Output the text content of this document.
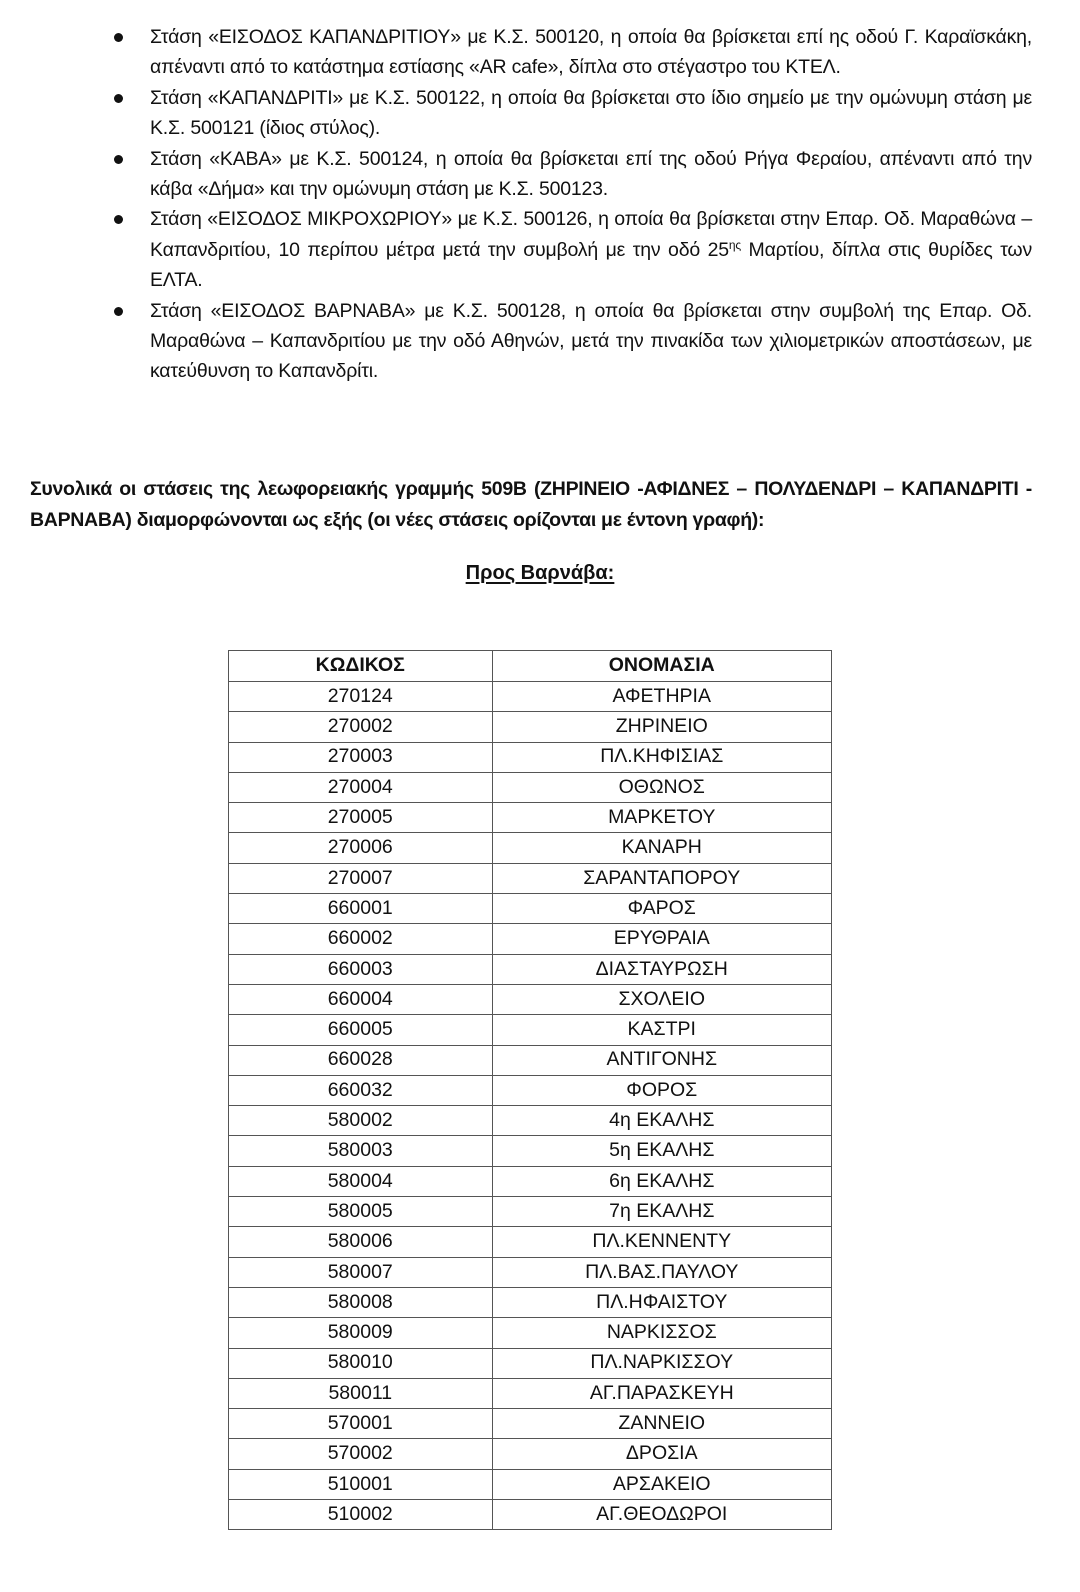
Στάση «ΕΙΣΟΔΟΣ ΚΑΠΑΝΔΡΙΤΙΟΥ» με Κ.Σ. 500120, η οποία θα βρίσκεται επί ης οδού Γ. Καραϊσκάκη, απέναντι από το κατάστημα εστίασης «AR cafe», δίπλα στο στέγαστρο του ΚΤΕΛ.
Στάση «ΚΑΠΑΝΔΡΙΤΙ» με Κ.Σ. 500122, η οποία θα βρίσκεται στο ίδιο σημείο με την ομώνυμη στάση με Κ.Σ. 500121 (ίδιος στύλος).
Στάση «ΚΑΒΑ» με Κ.Σ. 500124, η οποία θα βρίσκεται επί της οδού Ρήγα Φεραίου, απέναντι από την κάβα «Δήμα» και την ομώνυμη στάση με Κ.Σ. 500123.
Στάση «ΕΙΣΟΔΟΣ ΜΙΚΡΟΧΩΡΙΟΥ» με Κ.Σ. 500126, η οποία θα βρίσκεται στην Επαρ. Οδ. Μαραθώνα – Καπανδριτίου, 10 περίπου μέτρα μετά την συμβολή με την οδό $25^{\eta\varsigma}$ Μαρτίου, δίπλα στις θυρίδες των ΕΛΤΑ.
Στάση «ΕΙΣΟΔΟΣ ΒΑΡΝΑΒΑ» με Κ.Σ. 500128, η οποία θα βρίσκεται στην συμβολή της Επαρ. Οδ. Μαραθώνα – Καπανδριτίου με την οδό Αθηνών, μετά την πινακίδα των χιλιομετρικών αποστάσεων, με κατεύθυνση το Καπανδρίτι.
Συνολικά οι στάσεις της λεωφορειακής γραμμής 509Β (ΖΗΡΙΝΕΙΟ -ΑΦΙΔΝΕΣ – ΠΟΛΥΔΕΝΔΡΙ – ΚΑΠΑΝΔΡΙΤΙ - ΒΑΡΝΑΒΑ) διαμορφώνονται ως εξής (οι νέες στάσεις ορίζονται με έντονη γραφή):
Προς Βαρνάβα:
ΚΩΔΙΚΟΣ	ΟΝΟΜΑΣΙΑ
270124	ΑΦΕΤΗΡΙΑ
270002	ΖΗΡΙΝΕΙΟ
270003	ΠΛ.ΚΗΦΙΣΙΑΣ
270004	ΟΘΩΝΟΣ
270005	ΜΑΡΚΕΤΟΥ
270006	ΚΑΝΑΡΗ
270007	ΣΑΡΑΝΤΑΠΟΡΟΥ
660001	ΦΑΡΟΣ
660002	ΕΡΥΘΡΑΙΑ
660003	ΔΙΑΣΤΑΥΡΩΣΗ
660004	ΣΧΟΛΕΙΟ
660005	ΚΑΣΤΡΙ
660028	ΑΝΤΙΓΟΝΗΣ
660032	ΦΟΡΟΣ
580002	4η ΕΚΑΛΗΣ
580003	5η ΕΚΑΛΗΣ
580004	6η ΕΚΑΛΗΣ
580005	7η ΕΚΑΛΗΣ
580006	ΠΛ.ΚΕΝΝΕΝΤΥ
580007	ΠΛ.ΒΑΣ.ΠΑΥΛΟΥ
580008	ΠΛ.ΗΦΑΙΣΤΟΥ
580009	ΝΑΡΚΙΣΣΟΣ
580010	ΠΛ.ΝΑΡΚΙΣΣΟΥ
580011	ΑΓ.ΠΑΡΑΣΚΕΥΗ
570001	ΖΑΝΝΕΙΟ
570002	ΔΡΟΣΙΑ
510001	ΑΡΣΑΚΕΙΟ
510002	ΑΓ.ΘΕΟΔΩΡΟΙ
